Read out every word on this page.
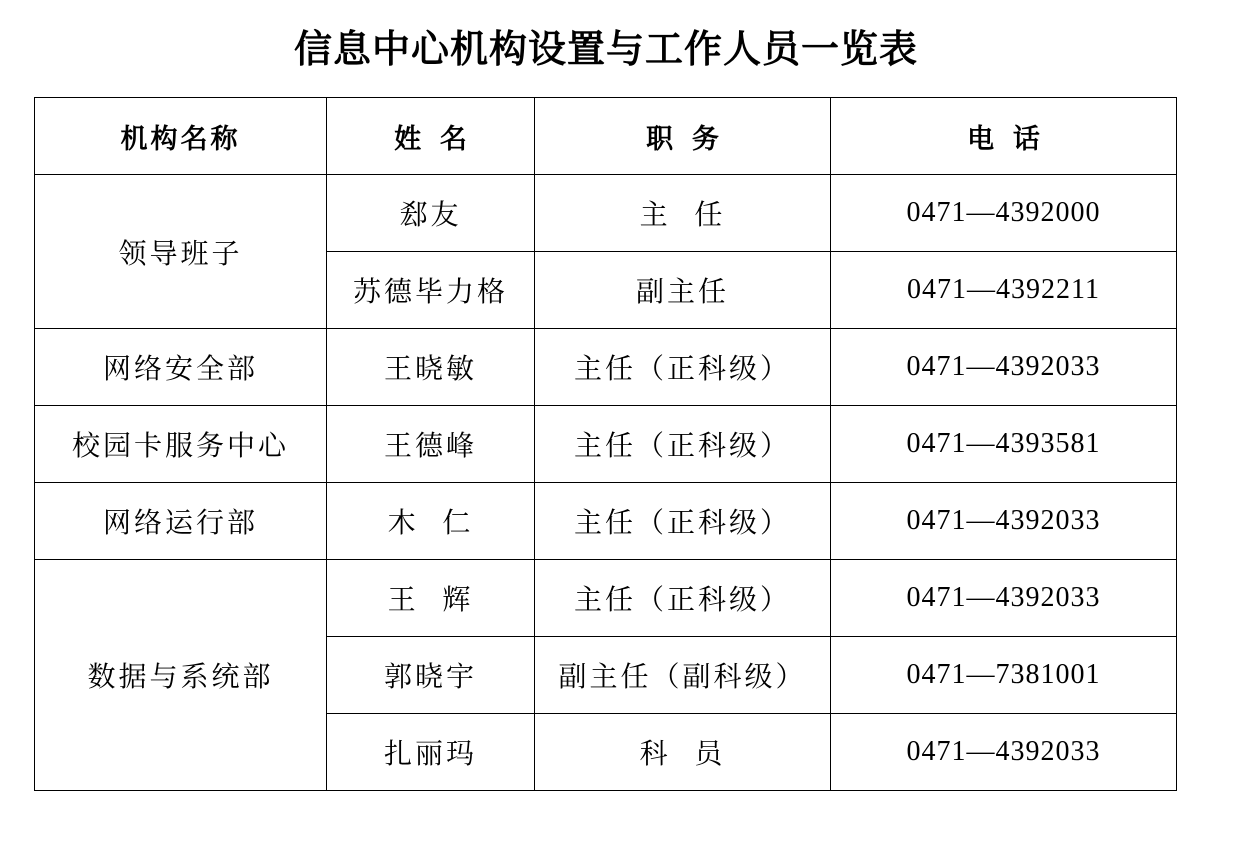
信息中心机构设置与工作人员一览表
机构名称	姓  名	职  务	电  话
领导班子	郄友	主  任	0471—4392000
	苏德毕力格	副主任	0471—4392211
网络安全部	王晓敏	主任（正科级）	0471—4392033
校园卡服务中心	王德峰	主任（正科级）	0471—4393581
网络运行部	木  仁	主任（正科级）	0471—4392033
数据与系统部	王  辉	主任（正科级）	0471—4392033
	郭晓宇	副主任（副科级）	0471—7381001
	扎丽玛	科  员	0471—4392033
